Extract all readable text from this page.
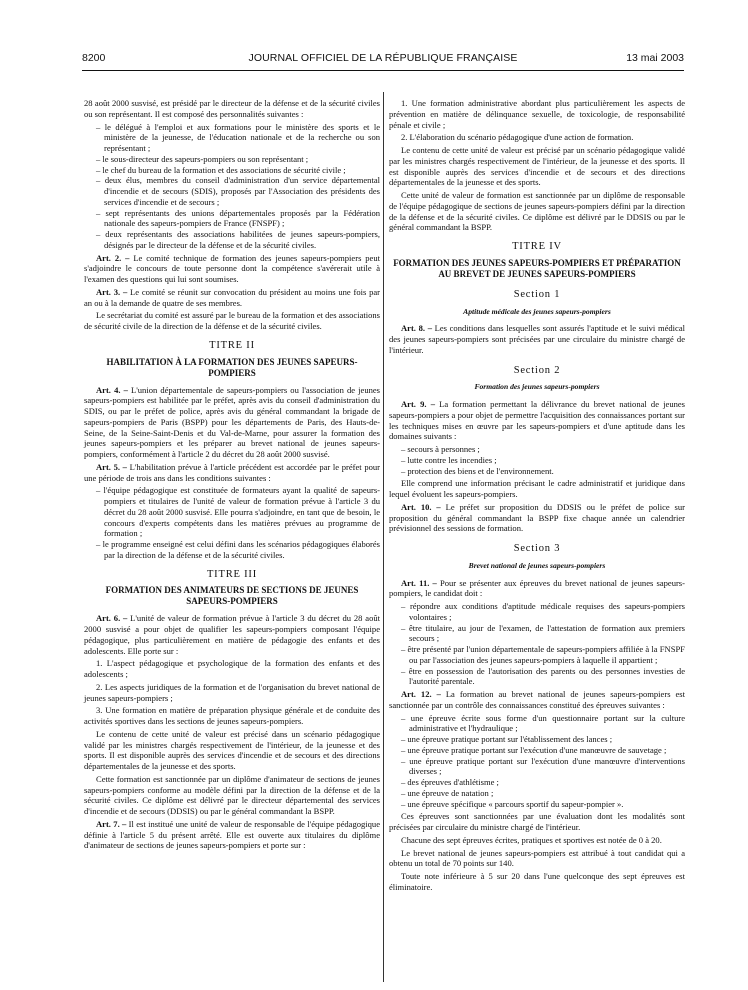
8200	JOURNAL OFFICIEL DE LA RÉPUBLIQUE FRANÇAISE	13 mai 2003

28 août 2000 susvisé, est présidé par le directeur de la défense et de la sécurité civiles ou son représentant. Il est composé des personnalités suivantes :

– le délégué à l'emploi et aux formations pour le ministère des sports et le ministère de la jeunesse, de l'éducation nationale et de la recherche ou son représentant ;
– le sous-directeur des sapeurs-pompiers ou son représentant ;
– le chef du bureau de la formation et des associations de sécurité civile ;
– deux élus, membres du conseil d'administration d'un service départemental d'incendie et de secours (SDIS), proposés par l'Association des présidents des services d'incendie et de secours ;
– sept représentants des unions départementales proposés par la Fédération nationale des sapeurs-pompiers de France (FNSPF) ;
– deux représentants des associations habilitées de jeunes sapeurs-pompiers, désignés par le directeur de la défense et de la sécurité civiles.

Art. 2. – Le comité technique de formation des jeunes sapeurs-pompiers peut s'adjoindre le concours de toute personne dont la compétence s'avérerait utile à l'examen des questions qui lui sont soumises.

Art. 3. – Le comité se réunit sur convocation du président au moins une fois par an ou à la demande de quatre de ses membres.

Le secrétariat du comité est assuré par le bureau de la formation et des associations de sécurité civile de la direction de la défense et de la sécurité civiles.

TITRE II
HABILITATION À LA FORMATION DES JEUNES SAPEURS-POMPIERS

Art. 4. – L'union départementale de sapeurs-pompiers ou l'association de jeunes sapeurs-pompiers est habilitée par le préfet, après avis du conseil d'administration du SDIS, ou par le préfet de police, après avis du général commandant la brigade de sapeurs-pompiers de Paris (BSPP) pour les départements de Paris, des Hauts-de-Seine, de la Seine-Saint-Denis et du Val-de-Marne, pour assurer la formation des jeunes sapeurs-pompiers et les préparer au brevet national de jeunes sapeurs-pompiers, conformément à l'article 2 du décret du 28 août 2000 susvisé.

Art. 5. – L'habilitation prévue à l'article précédent est accordée par le préfet pour une période de trois ans dans les conditions suivantes :

– l'équipe pédagogique est constituée de formateurs ayant la qualité de sapeurs-pompiers et titulaires de l'unité de valeur de formation prévue à l'article 3 du décret du 28 août 2000 susvisé. Elle pourra s'adjoindre, en tant que de besoin, le concours d'experts compétents dans les matières prévues au programme de formation ;
– le programme enseigné est celui défini dans les scénarios pédagogiques élaborés par la direction de la défense et de la sécurité civiles.
TITRE III
FORMATION DES ANIMATEURS DE SECTIONS DE JEUNES SAPEURS-POMPIERS

Art. 6. – L'unité de valeur de formation prévue à l'article 3 du décret du 28 août 2000 susvisé a pour objet de qualifier les sapeurs-pompiers composant l'équipe pédagogique, plus particulièrement en matière de pédagogie des enfants et des adolescents. Elle porte sur :

1. L'aspect pédagogique et psychologique de la formation des enfants et des adolescents ;

2. Les aspects juridiques de la formation et de l'organisation du brevet national de jeunes sapeurs-pompiers ;

3. Une formation en matière de préparation physique générale et de conduite des activités sportives dans les sections de jeunes sapeurs-pompiers.

Le contenu de cette unité de valeur est précisé dans un scénario pédagogique validé par les ministres chargés respectivement de l'intérieur, de la jeunesse et des sports. Il est disponible auprès des services d'incendie et de secours et des directions départementales de la jeunesse et des sports.

Cette formation est sanctionnée par un diplôme d'animateur de sections de jeunes sapeurs-pompiers conforme au modèle défini par la direction de la défense et de la sécurité civiles. Ce diplôme est délivré par le directeur départemental des services d'incendie et de secours (DDSIS) ou par le général commandant la BSPP.

Art. 7. – Il est institué une unité de valeur de responsable de l'équipe pédagogique définie à l'article 5 du présent arrêté. Elle est ouverte aux titulaires du diplôme d'animateur de sections de jeunes sapeurs-pompiers et porte sur :

1. Une formation administrative abordant plus particulièrement les aspects de prévention en matière de délinquance sexuelle, de toxicologie, de responsabilité pénale et civile ;

2. L'élaboration du scénario pédagogique d'une action de formation.

Le contenu de cette unité de valeur est précisé par un scénario pédagogique validé par les ministres chargés respectivement de l'intérieur, de la jeunesse et des sports. Il est disponible auprès des services d'incendie et de secours et des directions départementales de la jeunesse et des sports.

Cette unité de valeur de formation est sanctionnée par un diplôme de responsable de l'équipe pédagogique de sections de jeunes sapeurs-pompiers défini par la direction de la défense et de la sécurité civiles. Ce diplôme est délivré par le DDSIS ou par le général commandant la BSPP.

TITRE IV
FORMATION DES JEUNES SAPEURS-POMPIERS ET PRÉPARATION AU BREVET DE JEUNES SAPEURS-POMPIERS
Section 1
Aptitude médicale des jeunes sapeurs-pompiers

Art. 8. – Les conditions dans lesquelles sont assurés l'aptitude et le suivi médical des jeunes sapeurs-pompiers sont précisées par une circulaire du ministre chargé de l'intérieur.

Section 2
Formation des jeunes sapeurs-pompiers

Art. 9. – La formation permettant la délivrance du brevet national de jeunes sapeurs-pompiers a pour objet de permettre l'acquisition des connaissances portant sur les techniques mises en œuvre par les sapeurs-pompiers et d'une aptitude dans les domaines suivants :

– secours à personnes ;
– lutte contre les incendies ;
– protection des biens et de l'environnement.

Elle comprend une information précisant le cadre administratif et juridique dans lequel évoluent les sapeurs-pompiers.

Art. 10. – Le préfet sur proposition du DDSIS ou le préfet de police sur proposition du général commandant la BSPP fixe chaque année un calendrier prévisionnel des sessions de formation.

Section 3
Brevet national de jeunes sapeurs-pompiers

Art. 11. – Pour se présenter aux épreuves du brevet national de jeunes sapeurs-pompiers, le candidat doit :

– répondre aux conditions d'aptitude médicale requises des sapeurs-pompiers volontaires ;
– être titulaire, au jour de l'examen, de l'attestation de formation aux premiers secours ;
– être présenté par l'union départementale de sapeurs-pompiers affiliée à la FNSPF ou par l'association des jeunes sapeurs-pompiers à laquelle il appartient ;
– être en possession de l'autorisation des parents ou des personnes investies de l'autorité parentale.

Art. 12. – La formation au brevet national de jeunes sapeurs-pompiers est sanctionnée par un contrôle des connaissances constitué des épreuves suivantes :

– une épreuve écrite sous forme d'un questionnaire portant sur la culture administrative et l'hydraulique ;
– une épreuve pratique portant sur l'établissement des lances ;
– une épreuve pratique portant sur l'exécution d'une manœuvre de sauvetage ;
– une épreuve pratique portant sur l'exécution d'une manœuvre d'interventions diverses ;
– des épreuves d'athlétisme ;
– une épreuve de natation ;
– une épreuve spécifique « parcours sportif du sapeur-pompier ».

Ces épreuves sont sanctionnées par une évaluation dont les modalités sont précisées par circulaire du ministre chargé de l'intérieur.

Chacune des sept épreuves écrites, pratiques et sportives est notée de 0 à 20.

Le brevet national de jeunes sapeurs-pompiers est attribué à tout candidat qui a obtenu un total de 70 points sur 140.

Toute note inférieure à 5 sur 20 dans l'une quelconque des sept épreuves est éliminatoire.
